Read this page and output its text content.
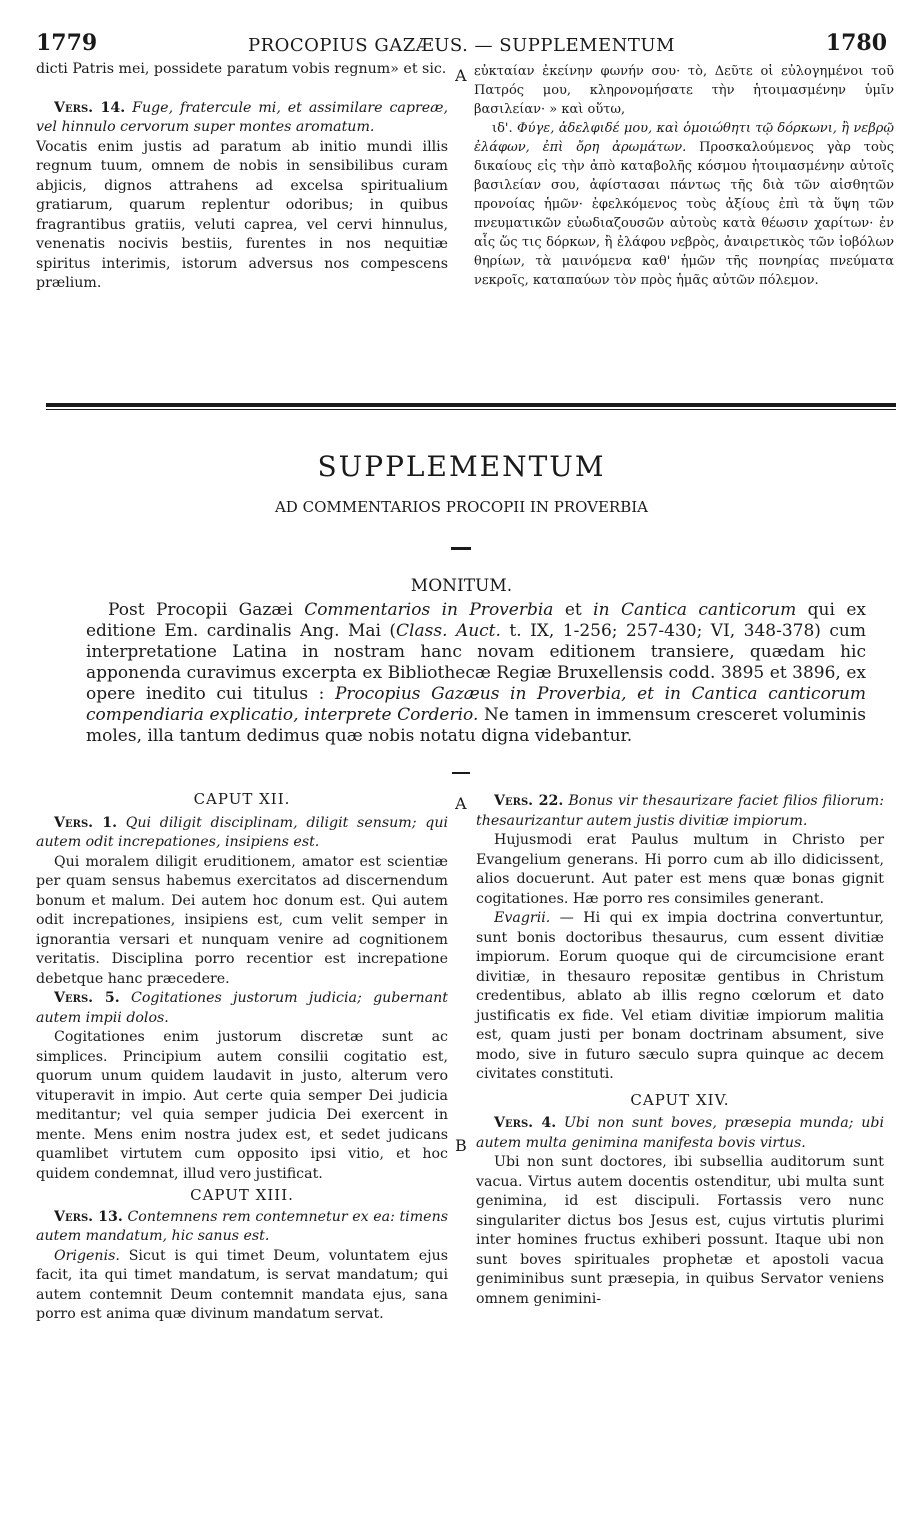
1779	PROCOPIUS GAZÆUS. — SUPPLEMENTUM	1780

dicti Patris mei, possidete paratum vobis regnum» et sic.

Vers. 14. Fuge, fratercule mi, et assimilare capreæ, vel hinnulo cervorum super montes aromatum.

Vocatis enim justis ad paratum ab initio mundi illis regnum tuum, omnem de nobis in sensibilibus curam abjicis, dignos attrahens ad excelsa spiritualium gratiarum, quarum replentur odoribus; in quibus fragrantibus gratiis, veluti caprea, vel cervi hinnulus, venenatis nocivis bestiis, furentes in nos nequitiæ spiritus interimis, istorum adversus nos compescens prælium.

A εὐκταίαν ἐκείνην φωνήν σου· τὸ, Δεῦτε οἱ εὐλογημένοι τοῦ Πατρός μου, κληρονομήσατε τὴν ἡτοιμασμένην ὑμῖν βασιλείαν· » καὶ οὕτω,

ιδ'. Φύγε, ἀδελφιδέ μου, καὶ ὁμοιώθητι τῷ δόρκωνι, ἢ νεβρῷ ἐλάφων, ἐπὶ ὄρη ἀρωμάτων. Προσκαλούμενος γὰρ τοὺς δικαίους εἰς τὴν ἀπὸ καταβολῆς κόσμου ἡτοιμασμένην αὐτοῖς βασιλείαν σου, ἀφίστασαι πάντως τῆς διὰ τῶν αἰσθητῶν προνοίας ἡμῶν· ἐφελκόμενος τοὺς ἀξίους ἐπὶ τὰ ὕψη τῶν πνευματικῶν εὐωδιαζουσῶν αὐτοὺς κατὰ θέωσιν χαρίτων· ἐν αἷς ὥς τις δόρκων, ἢ ἐλάφου νεβρὸς, ἀναιρετικὸς τῶν ἰοβόλων θηρίων, τὰ μαινόμενα καθ' ἡμῶν τῆς πονηρίας πνεύματα νεκροῖς, καταπαύων τὸν πρὸς ἡμᾶς αὐτῶν πόλεμον.

SUPPLEMENTUM
AD COMMENTARIOS PROCOPII IN PROVERBIA
MONITUM.
Post Procopii Gazæi Commentarios in Proverbia et in Cantica canticorum qui ex editione Em. cardinalis Ang. Mai (Class. Auct. t. IX, 1-256; 257-430; VI, 348-378) cum interpretatione Latina in nostram hanc novam editionem transiere, quædam hic apponenda curavimus excerpta ex Bibliothecæ Regiæ Bruxellensis codd. 3895 et 3896, ex opere inedito cui titulus : Procopius Gazæus in Proverbia, et in Cantica canticorum compendiaria explicatio, interprete Corderio. Ne tamen in immensum cresceret voluminis moles, illa tantum dedimus quæ nobis notatu digna videbantur.
CAPUT XII.

Vers. 1. Qui diligit disciplinam, diligit sensum; qui autem odit increpationes, insipiens est.

Qui moralem diligit eruditionem, amator est scientiæ per quam sensus habemus exercitatos ad discernendum bonum et malum. Dei autem hoc donum est. Qui autem odit increpationes, insipiens est, cum velit semper in ignorantia versari et nunquam venire ad cognitionem veritatis. Disciplina porro recentior est increpatione debetque hanc præcedere.

Vers. 5. Cogitationes justorum judicia; gubernant autem impii dolos.

Cogitationes enim justorum discretæ sunt ac simplices. Principium autem consilii cogitatio est, quorum unum quidem laudavit in justo, alterum vero vituperavit in impio. Aut certe quia semper Dei judicia meditantur; vel quia semper judicia Dei exercent in mente. Mens enim nostra judex est, et sedet judicans quamlibet virtutem cum opposito ipsi vitio, et hoc quidem condemnat, illud vero justificat.

CAPUT XIII.

Vers. 13. Contemnens rem contemnetur ex ea: timens autem mandatum, hic sanus est.

Origenis. Sicut is qui timet Deum, voluntatem ejus facit, ita qui timet mandatum, is servat mandatum; qui autem contemnit Deum contemnit mandata ejus, sana porro est anima quæ divinum mandatum servat.

A
B

Vers. 22. Bonus vir thesaurizare faciet filios filiorum: thesaurizantur autem justis divitiæ impiorum.

Hujusmodi erat Paulus multum in Christo per Evangelium generans. Hi porro cum ab illo didicissent, alios docuerunt. Aut pater est mens quæ bonas gignit cogitationes. Hæ porro res consimiles generant.

Evagrii. — Hi qui ex impia doctrina convertuntur, sunt bonis doctoribus thesaurus, cum essent divitiæ impiorum. Eorum quoque qui de circumcisione erant divitiæ, in thesauro repositæ gentibus in Christum credentibus, ablato ab illis regno cœlorum et dato justificatis ex fide. Vel etiam divitiæ impiorum malitia est, quam justi per bonam doctrinam absument, sive modo, sive in futuro sæculo supra quinque ac decem civitates constituti.

CAPUT XIV.

Vers. 4. Ubi non sunt boves, præsepia munda; ubi autem multa genimina manifesta bovis virtus.

Ubi non sunt doctores, ibi subsellia auditorum sunt vacua. Virtus autem docentis ostenditur, ubi multa sunt genimina, id est discipuli. Fortassis vero nunc singulariter dictus bos Jesus est, cujus virtutis plurimi inter homines fructus exhiberi possunt. Itaque ubi non sunt boves spirituales prophetæ et apostoli vacua geniminibus sunt præsepia, in quibus Servator veniens omnem genimini-
